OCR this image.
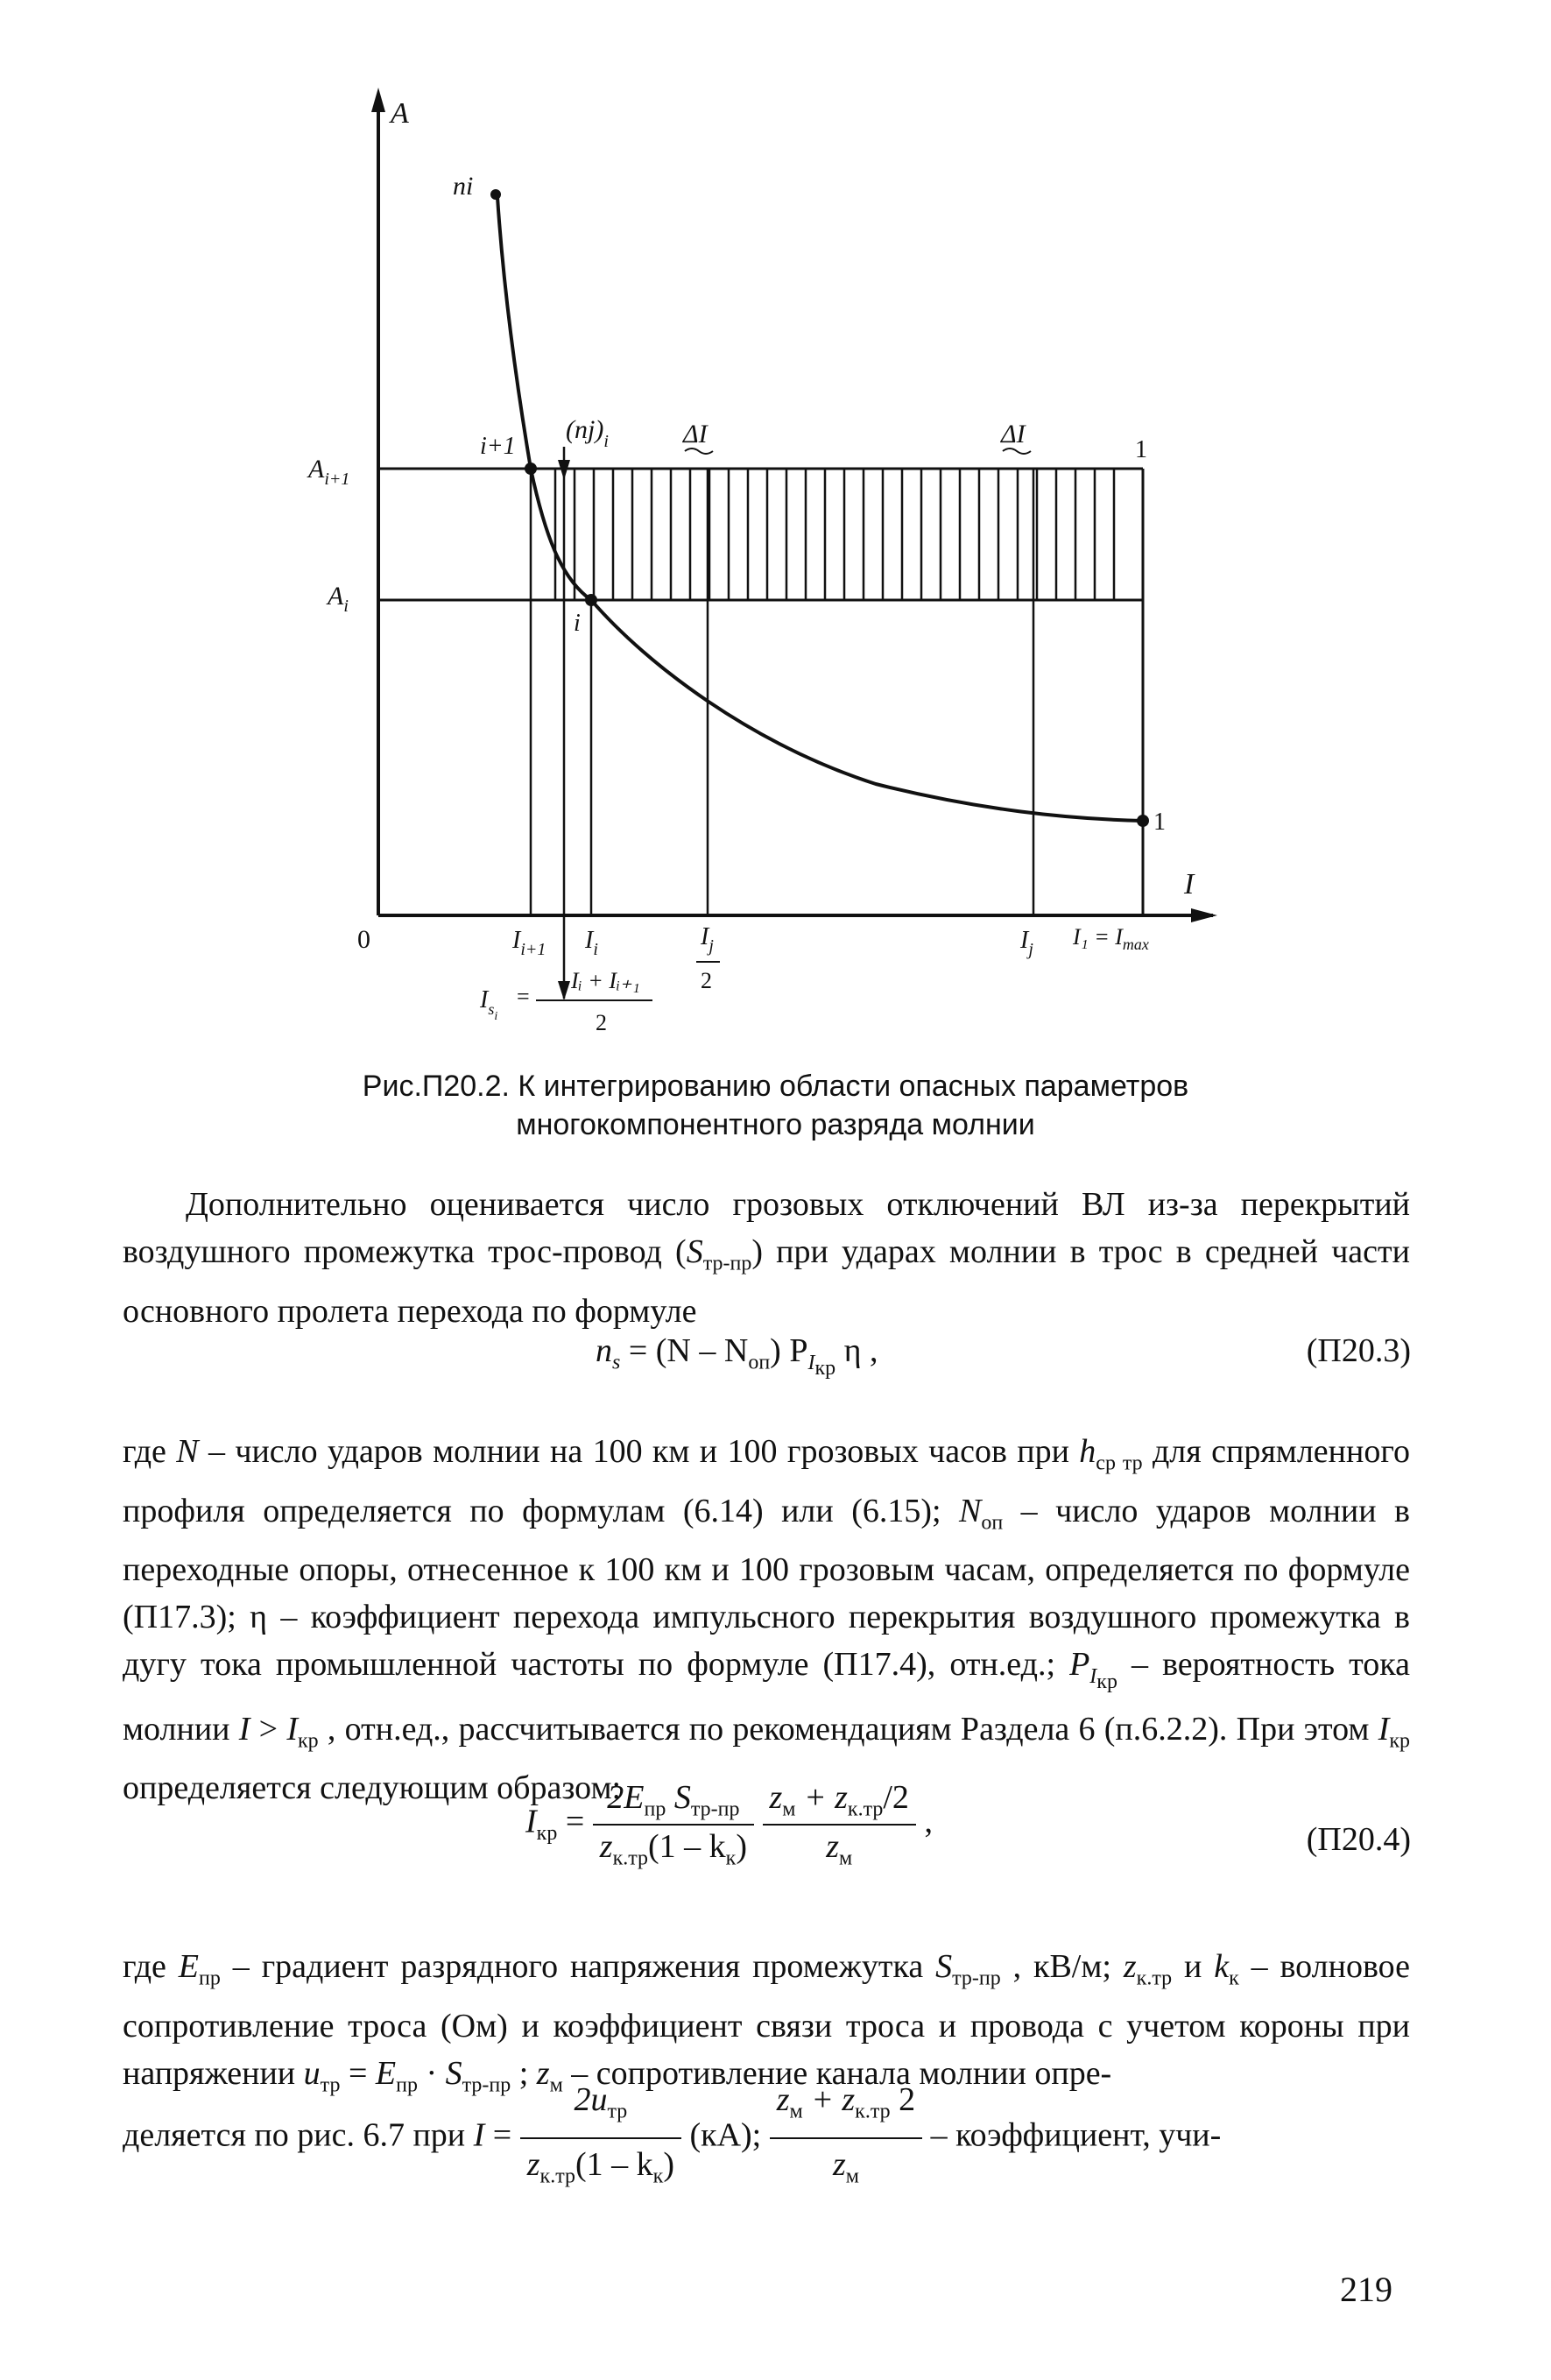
A
I
0
ni
i+1
i
$(nj)_i$	ΔI	ΔI
1
1
$A_{i+1}$
$A_i$
$I_{i+1}$ $I_i$	$I_j$
2
$I_j$ $I_1 = I_{max}$
$I_{si}$
=
Iᵢ + Iᵢ₊₁
2
Рис.П20.2. К интегрированию области опасных параметров
многокомпонентного разряда молнии
Дополнительно оценивается число грозовых отключений ВЛ из-за перекрытий воздушного промежутка трос-провод $(S_{тр-пр})$ при ударах молнии в трос в средней части основного пролета перехода по формуле
$n_s = (N - N_{оп})$ $P_{I_{кр}}$ η ,	(П20.3)
где N – число ударов молнии на 100 км и 100 грозовых часов при $h_{ср тр}$ для спрямленного профиля определяется по формулам (6.14) или (6.15); $N_{оп}$ – число ударов молнии в переходные опоры, отнесенное к 100 км и 100 грозовым часам, определяется по формуле (П17.3); η – коэффициент перехода импульсного перекрытия воздушного промежутка в дугу тока промышленной частоты по формуле (П17.4), отн.ед.; $P_{I_{кр}}$ – вероятность тока молнии $I > I_{кр}$ , отн.ед., рассчитывается по рекомендациям Раздела 6 (п.6.2.2). При этом $I_{кр}$ определяется следующим образом:
$I_{кр} = \frac{2E_{пр} S_{тр-пр}}{z_{к.тр}(1 - k_к)}$
$\frac{z_м + z_{к.тр}/2}{z_м}$ ,	(П20.4)
где $E_{пр}$ – градиент разрядного напряжения промежутка $S_{тр-пр}$ , кВ/м; $z_{к.тр}$ и $k_к$ – волновое сопротивление троса (Ом) и коэффициент связи троса и провода с учетом короны при напряжении $u_{тр} = E_{пр} \cdot S_{тр-пр}$ ; $z_м$ – сопротивление канала молнии опре-
деляется по рис. 6.7 при $I = \frac{2u_{тр}}{z_{к.тр}(1 - k_к)} (кА)$; $\frac{z_м + z_{к.тр} 2}{z_м}$ – коэффициент, учи-
219
